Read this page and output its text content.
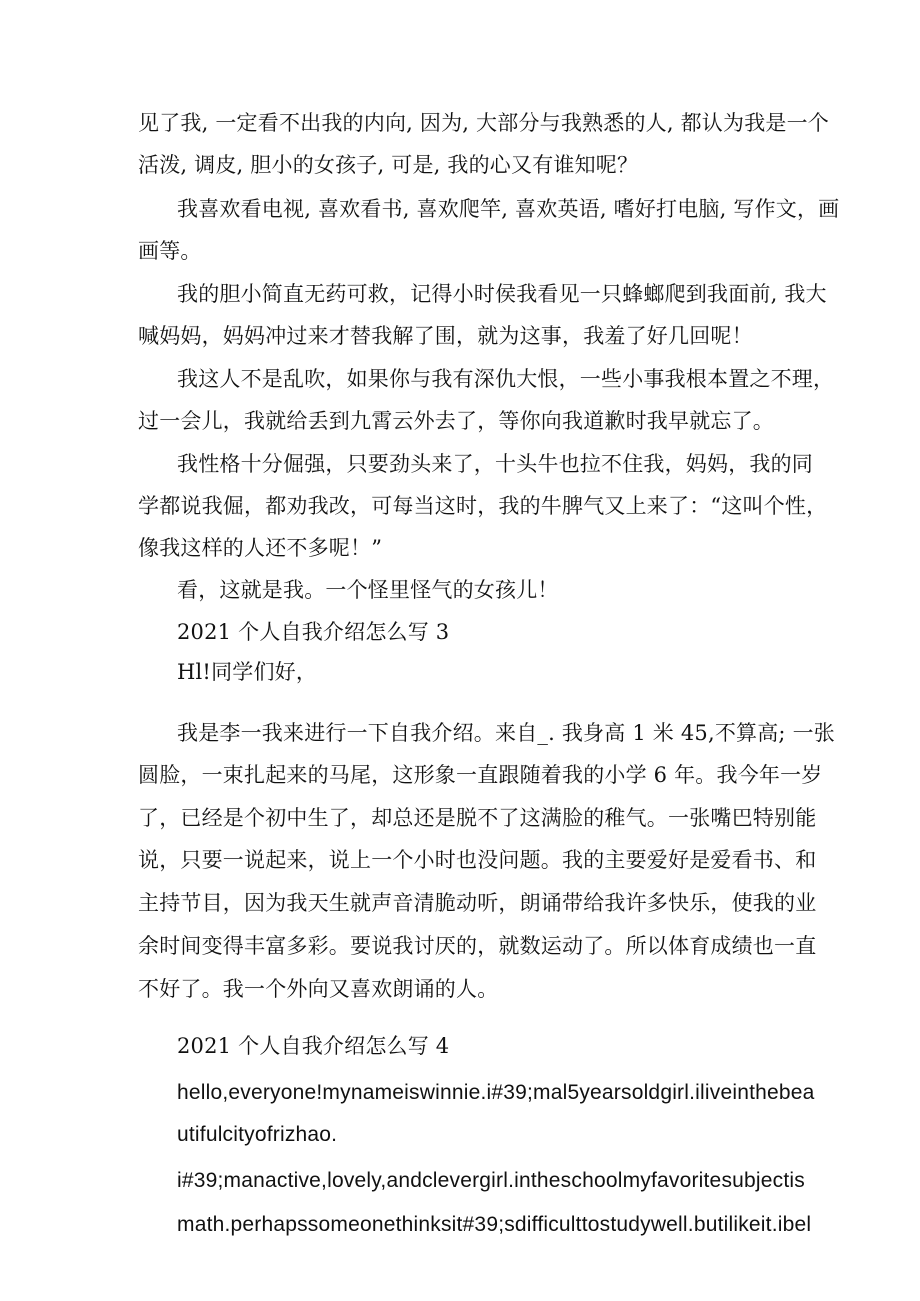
见了我, 一定看不出我的内向, 因为, 大部分与我熟悉的人, 都认为我是一个
活泼, 调皮, 胆小的女孩子, 可是, 我的心又有谁知呢？
我喜欢看电视, 喜欢看书, 喜欢爬竿, 喜欢英语, 嗜好打电脑, 写作文，画
画等。
我的胆小简直无药可救，记得小时侯我看见一只蜂螂爬到我面前, 我大
喊妈妈，妈妈冲过来才替我解了围，就为这事，我羞了好几回呢！
我这人不是乱吹，如果你与我有深仇大恨，一些小事我根本置之不理，
过一会儿，我就给丢到九霄云外去了，等你向我道歉时我早就忘了。
我性格十分倔强，只要劲头来了，十头牛也拉不住我，妈妈，我的同
学都说我倔，都劝我改，可每当这时，我的牛脾气又上来了：“这叫个性，
像我这样的人还不多呢！”
看，这就是我。一个怪里怪气的女孩儿！
2021 个人自我介绍怎么写 3
Hl!同学们好，
我是李一我来进行一下自我介绍。来自_. 我身高 1 米 45,不算高; 一张
圆脸，一束扎起来的马尾，这形象一直跟随着我的小学 6 年。我今年一岁
了，已经是个初中生了，却总还是脱不了这满脸的稚气。一张嘴巴特别能
说，只要一说起来，说上一个小时也没问题。我的主要爱好是爱看书、和
主持节目，因为我天生就声音清脆动听，朗诵带给我许多快乐，使我的业
余时间变得丰富多彩。要说我讨厌的，就数运动了。所以体育成绩也一直
不好了。我一个外向又喜欢朗诵的人。
2021 个人自我介绍怎么写 4
hello,everyone!mynameiswinnie.i#39;mal5yearsoldgirl.iliveinthebea
utifulcityofrizhao.
i#39;manactive,lovely,andclevergirl.intheschoolmyfavoritesubjectis
math.perhapssomeonethinksit#39;sdifficulttostudywell.butilikeit.ibel
